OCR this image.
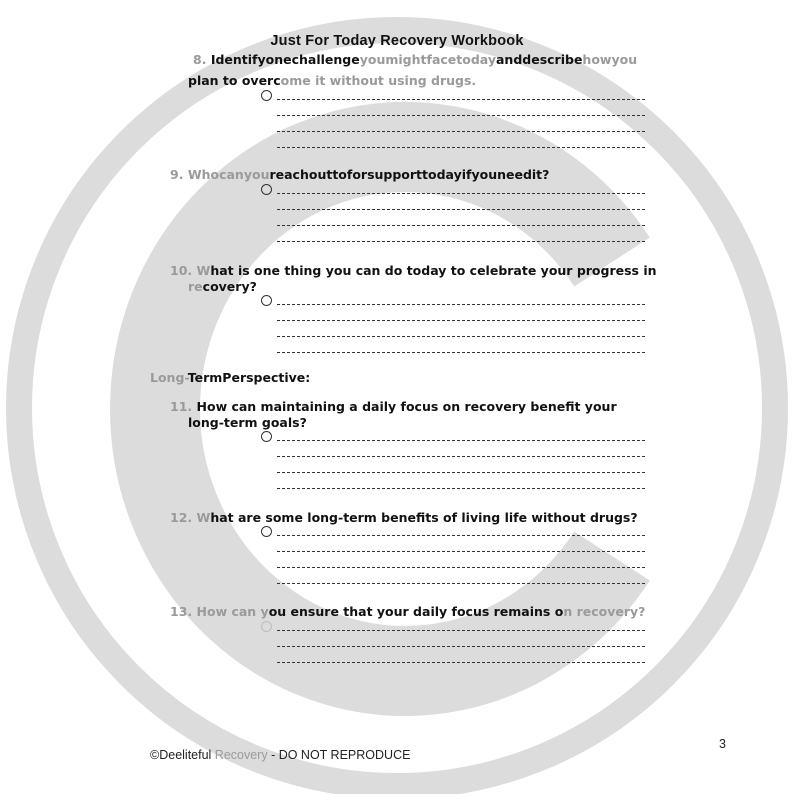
Just For Today Recovery Workbook
8. Identifyonechallengeyoumightfacetodayanddescribehowyou
plan to overcome it without using drugs.
9. Whocanyoureachouttoforsupporttodayifyouneedit?
10. What is one thing you can do today to celebrate your progress in
recovery?
Long-TermPerspective:
11. How can maintaining a daily focus on recovery benefit your
long-term goals?
12. What are some long-term benefits of living life without drugs?
13. How can you ensure that your daily focus remains on recovery?
©Deeliteful Recovery - DO NOT REPRODUCE
3
